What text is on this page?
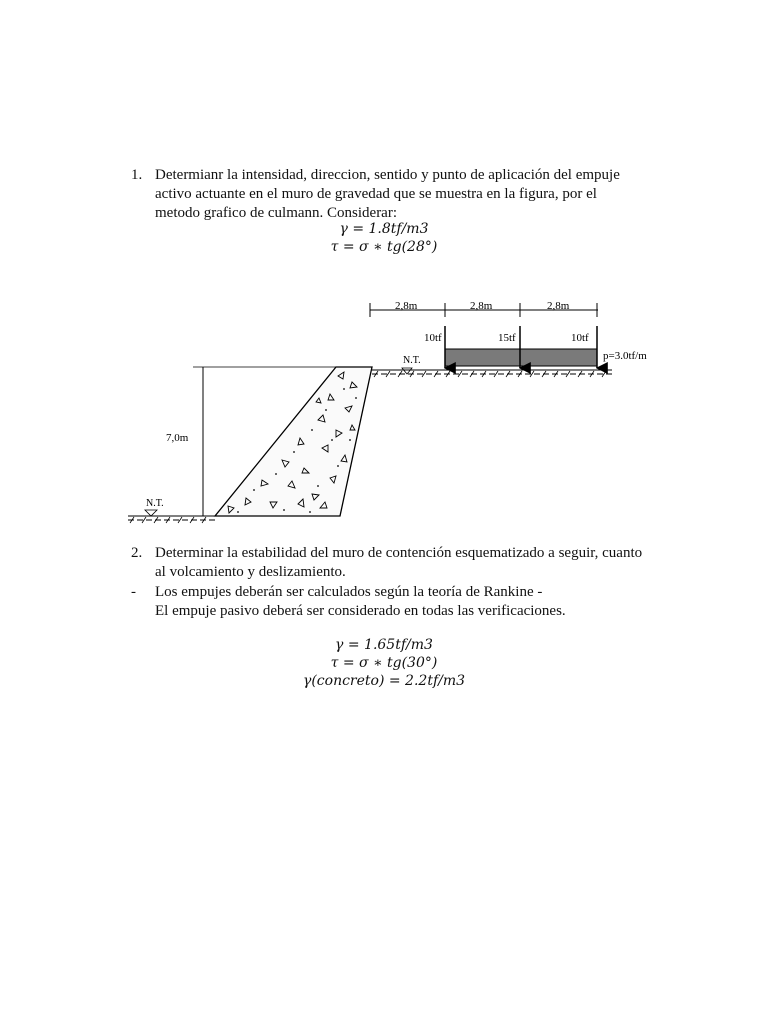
1. Determianr la intensidad, direccion, sentido y punto de aplicación del empuje
activo actuante en el muro de gravedad que se muestra en la figura, por el
metodo grafico de culmann. Considerar:
γ = 1.8tf/m3
τ = σ ∗ tg(28°)
2,8m	2,8m	2,8m
p=3.0tf/m
10tf	15tf	10tf
N.T.
7,0m
N.T.
2. Determinar la estabilidad del muro de contención esquematizado a seguir, cuanto
al volcamiento y deslizamiento.
- Los empujes deberán ser calculados según la teoría de Rankine -
El empuje pasivo deberá ser considerado en todas las verificaciones.
γ = 1.65tf/m3
τ = σ ∗ tg(30°)
γ(concreto) = 2.2tf/m3
